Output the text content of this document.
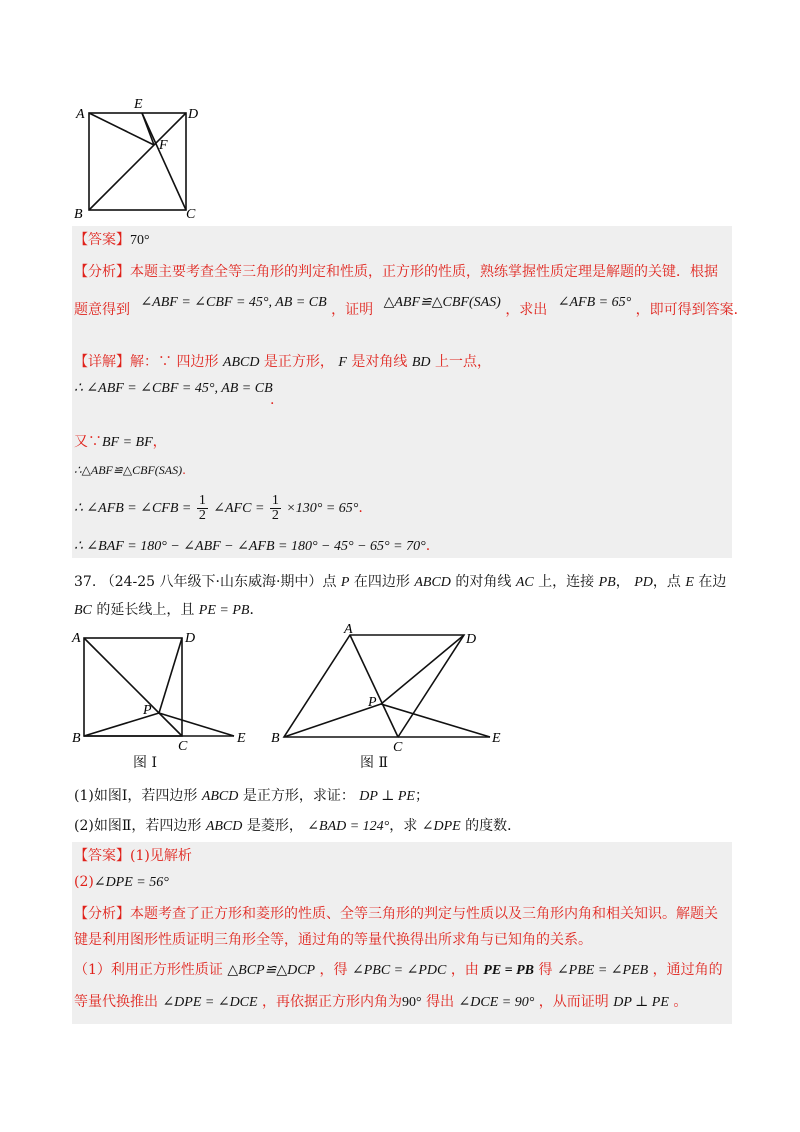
A
E
D
F
B	C
【答案】70°
【分析】本题主要考查全等三角形的判定和性质，正方形的性质，熟练掌握性质定理是解题的关键．根据
题意得到 ∠ABF = ∠CBF = 45°, AB = CB ，证明 △ABF≌△CBF(SAS) ，求出 ∠AFB = 65° ，即可得到答案．
【详解】解：∵ 四边形 ABCD 是正方形， F 是对角线 BD 上一点，
∴ ∠ABF = ∠CBF = 45°, AB = CB
.
又∵BF = BF，
∴△ABF≌△CBF(SAS).
∴ ∠AFB = ∠CFB = $\frac{1}{2}$ ∠AFC = $\frac{1}{2} \times 130^\circ = 65^\circ$.
∴ ∠BAF = 180° − ∠ABF − ∠AFB = 180° − 45° − 65° = 70°.
37. （24-25 八年级下·山东威海·期中）点 P 在四边形 ABCD 的对角线 AC 上，连接 PB， PD，点 E 在边
BC 的延长线上，且 PE = PB．
A	D
P
B
C
E
图 Ⅰ
A
D
P
B
C
E
图 Ⅱ
(1)如图Ⅰ，若四边形 ABCD 是正方形，求证： DP ⊥ PE；
(2)如图Ⅱ，若四边形 ABCD 是菱形， ∠BAD = 124°，求 ∠DPE 的度数．
【答案】(1)见解析
(2)∠DPE = 56°
【分析】本题考查了正方形和菱形的性质、全等三角形的判定与性质以及三角形内角和相关知识。解题关
键是利用图形性质证明三角形全等，通过角的等量代换得出所求角与已知角的关系。
（1）利用正方形性质证 △BCP≌△DCP ，得 ∠PBC = ∠PDC ，由 PE = PB 得 ∠PBE = ∠PEB ，通过角的
等量代换推出 ∠DPE = ∠DCE ，再依据正方形内角为90° 得出 ∠DCE = 90° ，从而证明 DP ⊥ PE 。
